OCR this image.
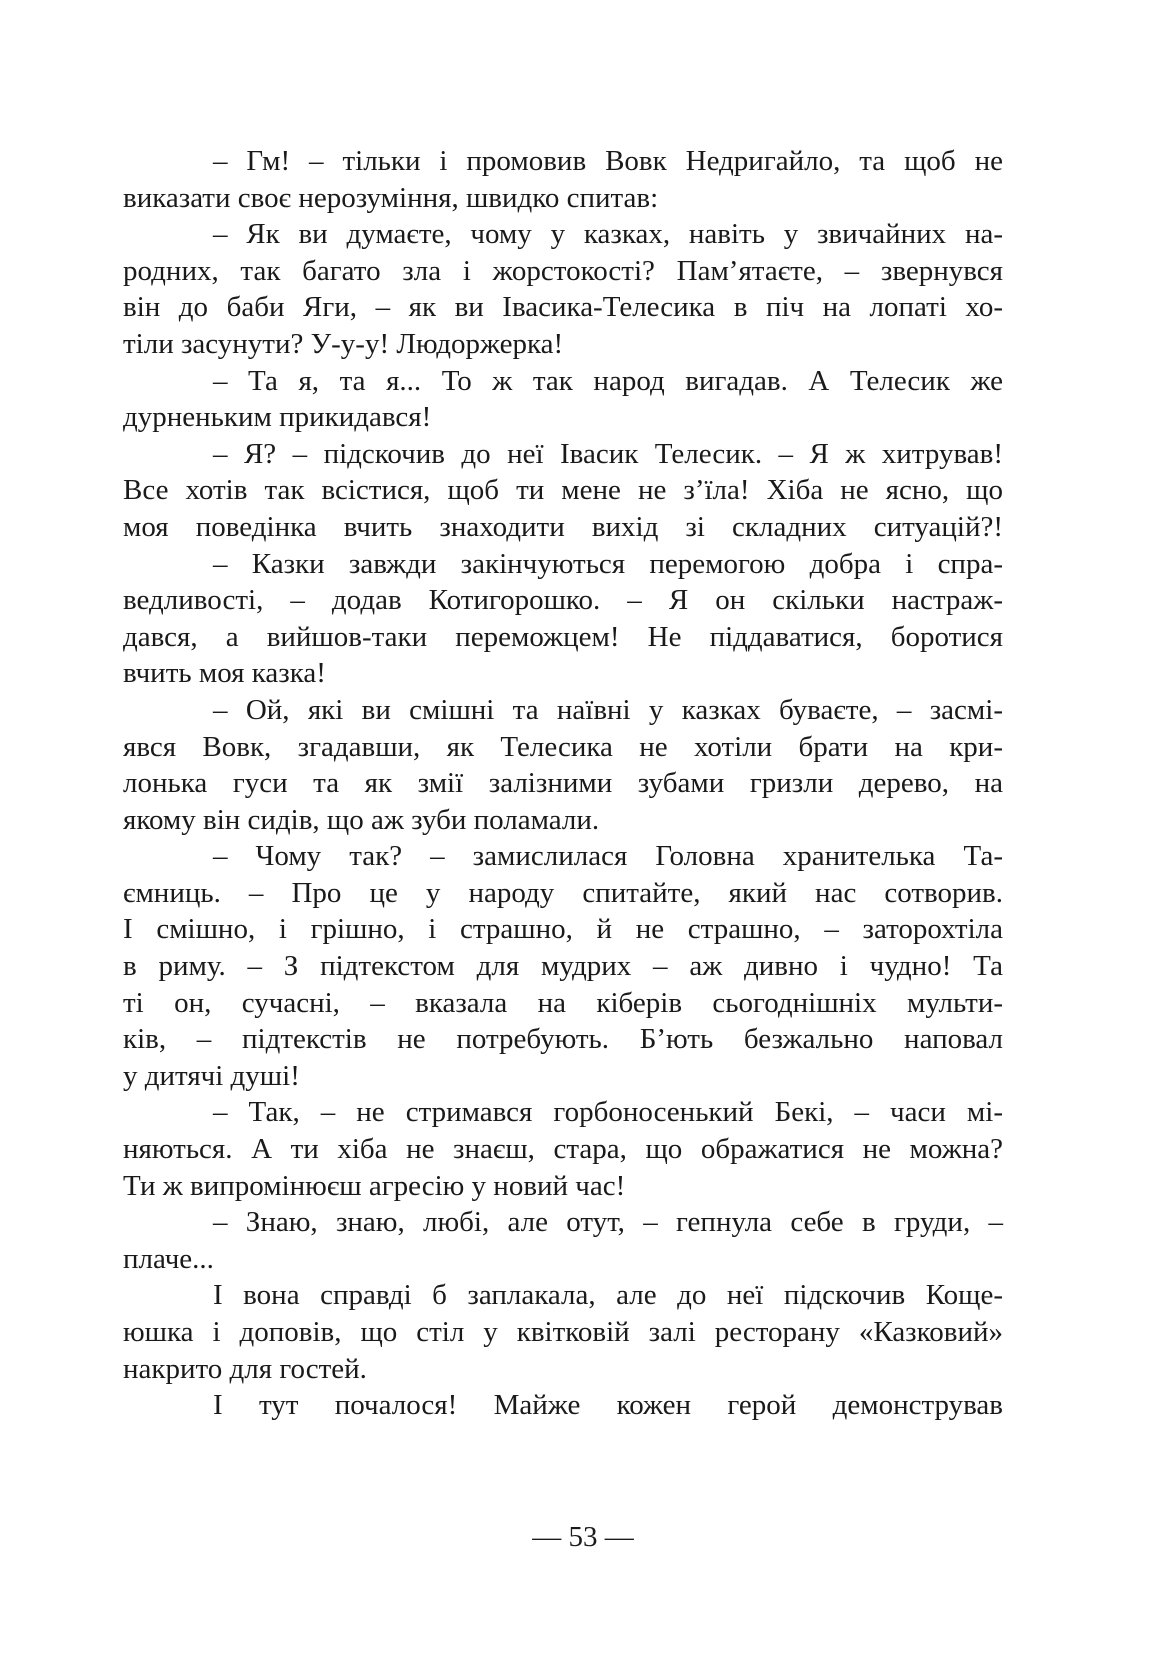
– Гм! – тільки і промовив Вовк Недригайло, та щоб не
виказати своє нерозуміння, швидко спитав:
– Як ви думаєте, чому у казках, навіть у звичайних на-
родних, так багато зла і жорстокості? Пам’ятаєте, – звернувся
він до баби Яги, – як ви Івасика-Телесика в піч на лопаті хо-
тіли засунути? У-у-у! Людоржерка!
– Та я, та я... То ж так народ вигадав. А Телесик же
дурненьким прикидався!
– Я? – підскочив до неї Івасик Телесик. – Я ж хитрував!
Все хотів так всістися, щоб ти мене не з’їла! Хіба не ясно, що
моя поведінка вчить знаходити вихід зі складних ситуацій?!
– Казки завжди закінчуються перемогою добра і спра-
ведливості, – додав Котигорошко. – Я он скільки настраж-
дався, а вийшов-таки переможцем! Не піддаватися, боротися
вчить моя казка!
– Ой, які ви смішні та наївні у казках буваєте, – засмі-
явся Вовк, згадавши, як Телесика не хотіли брати на кри-
лонька гуси та як змії залізними зубами гризли дерево, на
якому він сидів, що аж зуби поламали.
– Чому так? – замислилася Головна хранителька Та-
ємниць. – Про це у народу спитайте, який нас сотворив.
І смішно, і грішно, і страшно, й не страшно, – заторохтіла
в риму. – З підтекстом для мудрих – аж дивно і чудно! Та
ті он, сучасні, – вказала на кіберів сьогоднішніх мульти-
ків, – підтекстів не потребують. Б’ють безжально наповал
у дитячі душі!
– Так, – не стримався горбоносенький Бекі, – часи мі-
няються. А ти хіба не знаєш, стара, що ображатися не можна?
Ти ж випромінюєш агресію у новий час!
– Знаю, знаю, любі, але отут, – гепнула себе в груди, –
плаче...
І вона справді б заплакала, але до неї підскочив Кощe-
юшка і доповів, що стіл у квітковій залі ресторану «Казковий»
накрито для гостей.
І тут почалося! Майже кожен герой демонстрував
— 53 —
